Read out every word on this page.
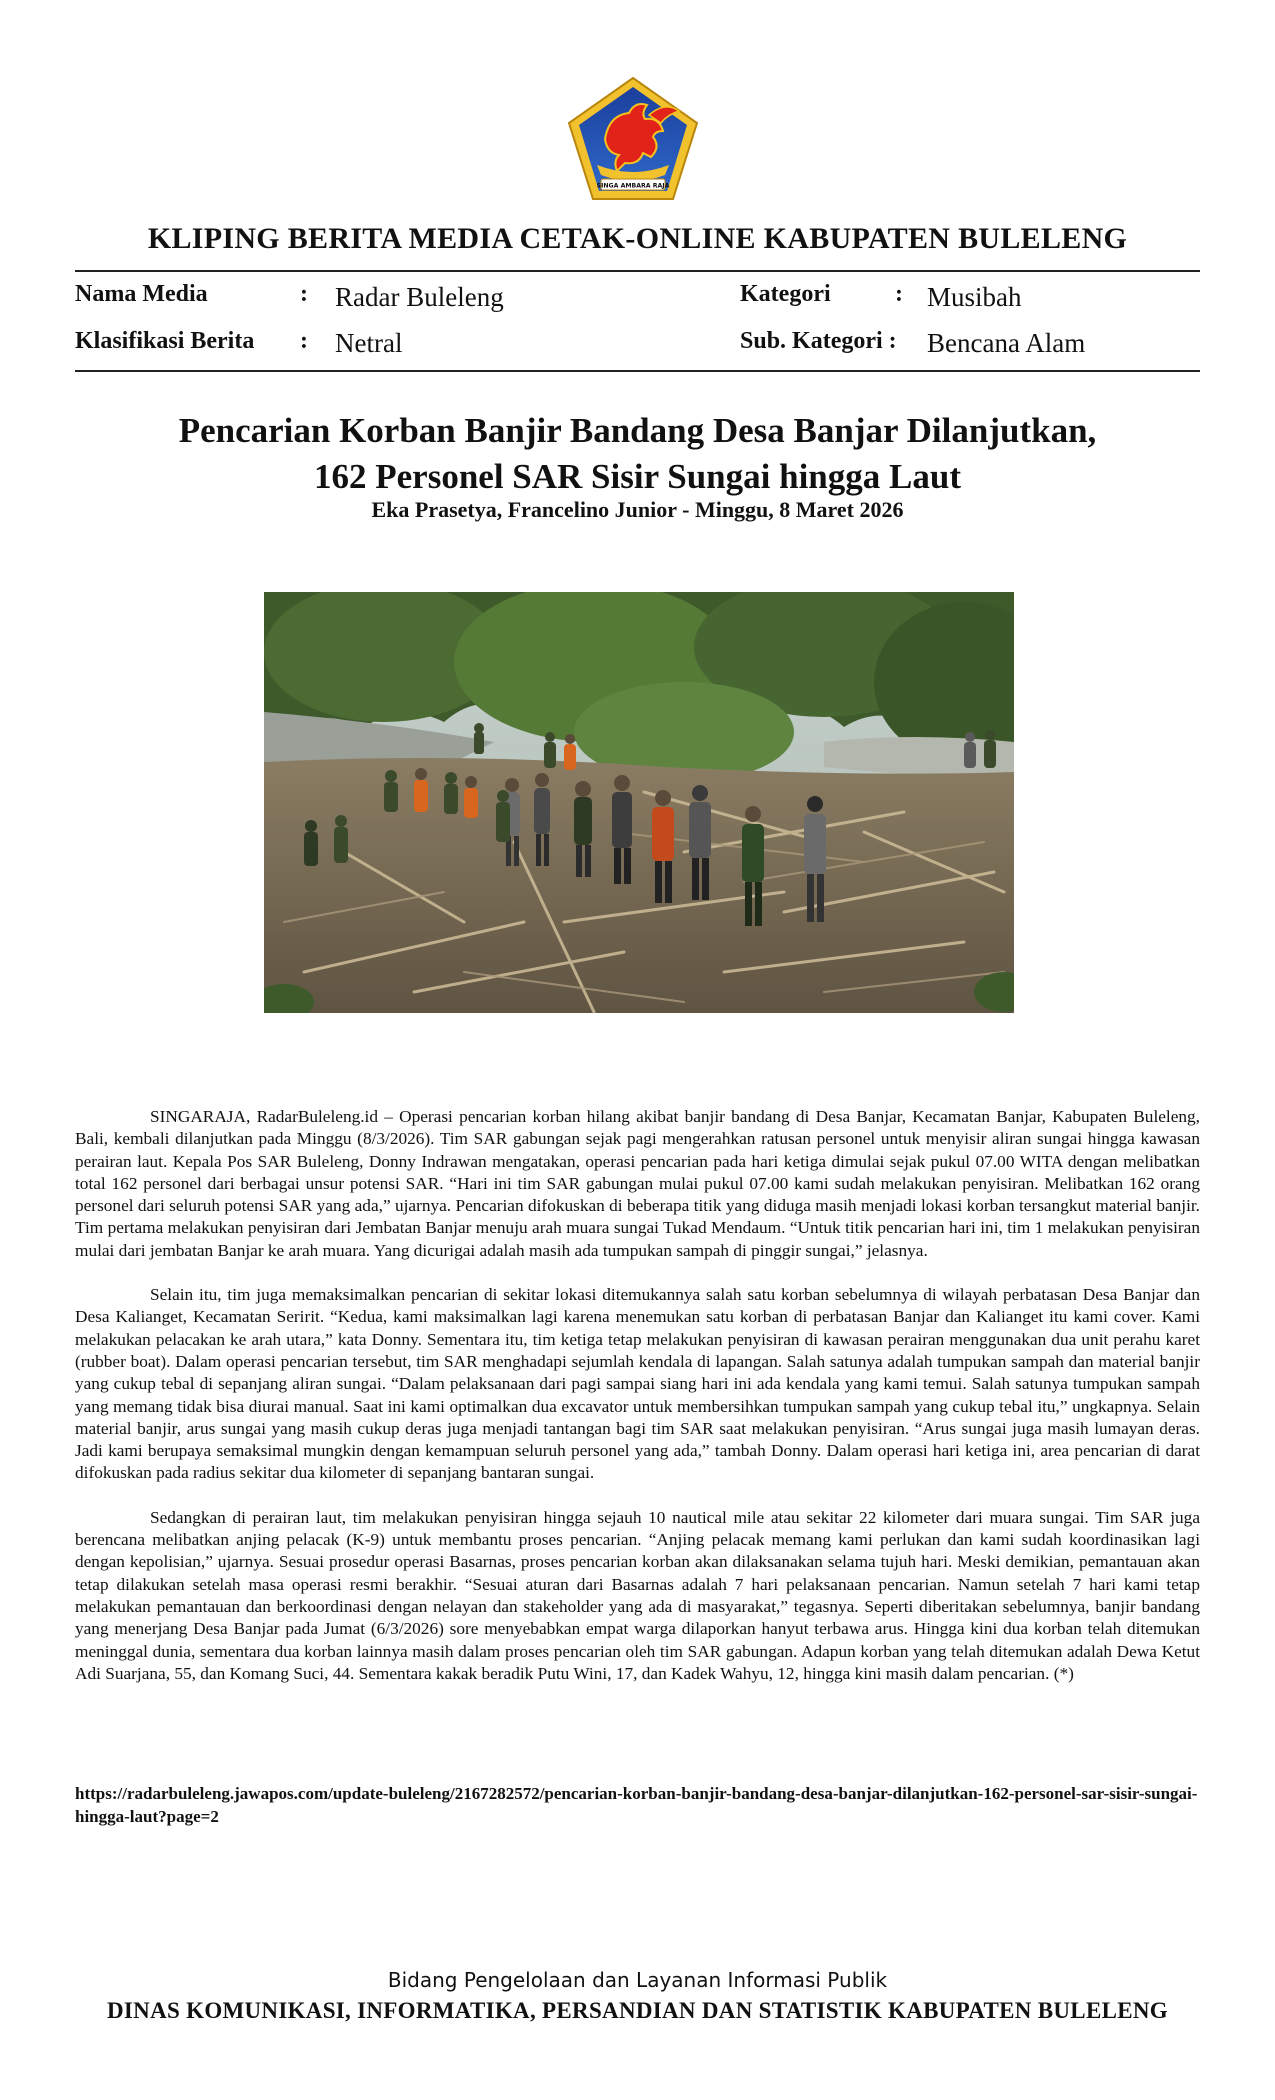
SINGA AMBARA RAJA
KLIPING BERITA MEDIA CETAK-ONLINE KABUPATEN BULELENG
Nama Media	: Radar Buleleng	Kategori	: Musibah
Klasifikasi Berita : Netral	Sub. Kategori : Bencana Alam
Pencarian Korban Banjir Bandang Desa Banjar Dilanjutkan,
162 Personel SAR Sisir Sungai hingga Laut
Eka Prasetya, Francelino Junior - Minggu, 8 Maret 2026

SINGARAJA, RadarBuleleng.id – Operasi pencarian korban hilang akibat banjir bandang di Desa Banjar, Kecamatan Banjar, Kabupaten Buleleng, Bali, kembali dilanjutkan pada Minggu (8/3/2026). Tim SAR gabungan sejak pagi mengerahkan ratusan personel untuk menyisir aliran sungai hingga kawasan perairan laut. Kepala Pos SAR Buleleng, Donny Indrawan mengatakan, operasi pencarian pada hari ketiga dimulai sejak pukul 07.00 WITA dengan melibatkan total 162 personel dari berbagai unsur potensi SAR. “Hari ini tim SAR gabungan mulai pukul 07.00 kami sudah melakukan penyisiran. Melibatkan 162 orang personel dari seluruh potensi SAR yang ada,” ujarnya. Pencarian difokuskan di beberapa titik yang diduga masih menjadi lokasi korban tersangkut material banjir. Tim pertama melakukan penyisiran dari Jembatan Banjar menuju arah muara sungai Tukad Mendaum. “Untuk titik pencarian hari ini, tim 1 melakukan penyisiran mulai dari jembatan Banjar ke arah muara. Yang dicurigai adalah masih ada tumpukan sampah di pinggir sungai,” jelasnya.

Selain itu, tim juga memaksimalkan pencarian di sekitar lokasi ditemukannya salah satu korban sebelumnya di wilayah perbatasan Desa Banjar dan Desa Kalianget, Kecamatan Seririt. “Kedua, kami maksimalkan lagi karena menemukan satu korban di perbatasan Banjar dan Kalianget itu kami cover. Kami melakukan pelacakan ke arah utara,” kata Donny. Sementara itu, tim ketiga tetap melakukan penyisiran di kawasan perairan menggunakan dua unit perahu karet (rubber boat). Dalam operasi pencarian tersebut, tim SAR menghadapi sejumlah kendala di lapangan. Salah satunya adalah tumpukan sampah dan material banjir yang cukup tebal di sepanjang aliran sungai. “Dalam pelaksanaan dari pagi sampai siang hari ini ada kendala yang kami temui. Salah satunya tumpukan sampah yang memang tidak bisa diurai manual. Saat ini kami optimalkan dua excavator untuk membersihkan tumpukan sampah yang cukup tebal itu,” ungkapnya. Selain material banjir, arus sungai yang masih cukup deras juga menjadi tantangan bagi tim SAR saat melakukan penyisiran. “Arus sungai juga masih lumayan deras. Jadi kami berupaya semaksimal mungkin dengan kemampuan seluruh personel yang ada,” tambah Donny. Dalam operasi hari ketiga ini, area pencarian di darat difokuskan pada radius sekitar dua kilometer di sepanjang bantaran sungai.

Sedangkan di perairan laut, tim melakukan penyisiran hingga sejauh 10 nautical mile atau sekitar 22 kilometer dari muara sungai. Tim SAR juga berencana melibatkan anjing pelacak (K-9) untuk membantu proses pencarian. “Anjing pelacak memang kami perlukan dan kami sudah koordinasikan lagi dengan kepolisian,” ujarnya. Sesuai prosedur operasi Basarnas, proses pencarian korban akan dilaksanakan selama tujuh hari. Meski demikian, pemantauan akan tetap dilakukan setelah masa operasi resmi berakhir. “Sesuai aturan dari Basarnas adalah 7 hari pelaksanaan pencarian. Namun setelah 7 hari kami tetap melakukan pemantauan dan berkoordinasi dengan nelayan dan stakeholder yang ada di masyarakat,” tegasnya. Seperti diberitakan sebelumnya, banjir bandang yang menerjang Desa Banjar pada Jumat (6/3/2026) sore menyebabkan empat warga dilaporkan hanyut terbawa arus. Hingga kini dua korban telah ditemukan meninggal dunia, sementara dua korban lainnya masih dalam proses pencarian oleh tim SAR gabungan. Adapun korban yang telah ditemukan adalah Dewa Ketut Adi Suarjana, 55, dan Komang Suci, 44. Sementara kakak beradik Putu Wini, 17, dan Kadek Wahyu, 12, hingga kini masih dalam pencarian. (*)

https://radarbuleleng.jawapos.com/update-buleleng/2167282572/pencarian-korban-banjir-bandang-desa-banjar-dilanjutkan-162-personel-sar-sisir-sungai-hingga-laut?page=2
Bidang Pengelolaan dan Layanan Informasi Publik
DINAS KOMUNIKASI, INFORMATIKA, PERSANDIAN DAN STATISTIK KABUPATEN BULELENG
